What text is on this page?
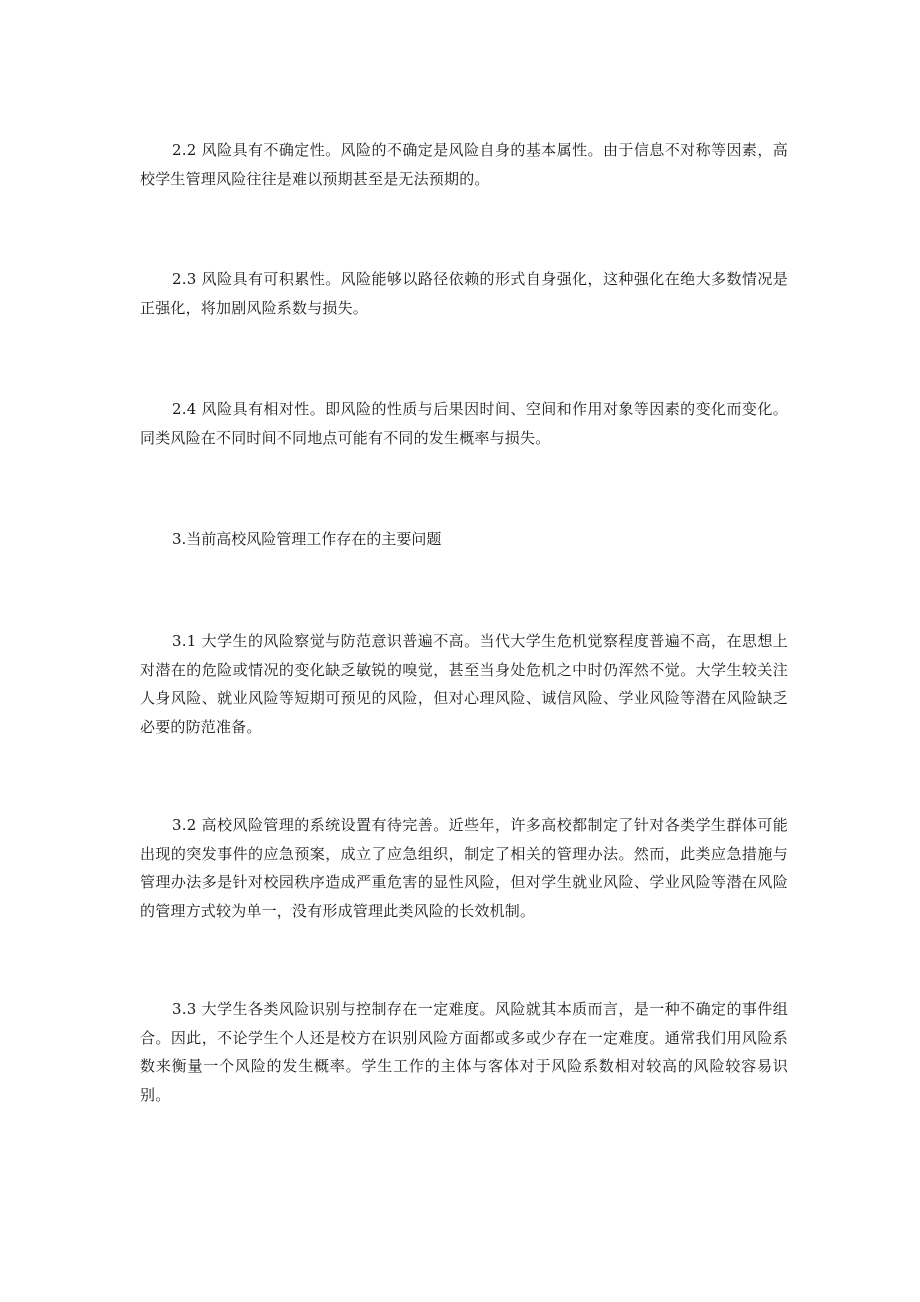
2.2 风险具有不确定性。风险的不确定是风险自身的基本属性。由于信息不对称等因素，高校学生管理风险往往是难以预期甚至是无法预期的。

2.3 风险具有可积累性。风险能够以路径依赖的形式自身强化，这种强化在绝大多数情况是正强化，将加剧风险系数与损失。

2.4 风险具有相对性。即风险的性质与后果因时间、空间和作用对象等因素的变化而变化。同类风险在不同时间不同地点可能有不同的发生概率与损失。

3.当前高校风险管理工作存在的主要问题

3.1 大学生的风险察觉与防范意识普遍不高。当代大学生危机觉察程度普遍不高，在思想上对潜在的危险或情况的变化缺乏敏锐的嗅觉，甚至当身处危机之中时仍浑然不觉。大学生较关注人身风险、就业风险等短期可预见的风险，但对心理风险、诚信风险、学业风险等潜在风险缺乏必要的防范准备。

3.2 高校风险管理的系统设置有待完善。近些年，许多高校都制定了针对各类学生群体可能出现的突发事件的应急预案，成立了应急组织，制定了相关的管理办法。然而，此类应急措施与管理办法多是针对校园秩序造成严重危害的显性风险，但对学生就业风险、学业风险等潜在风险的管理方式较为单一，没有形成管理此类风险的长效机制。

3.3 大学生各类风险识别与控制存在一定难度。风险就其本质而言，是一种不确定的事件组合。因此，不论学生个人还是校方在识别风险方面都或多或少存在一定难度。通常我们用风险系数来衡量一个风险的发生概率。学生工作的主体与客体对于风险系数相对较高的风险较容易识别。
